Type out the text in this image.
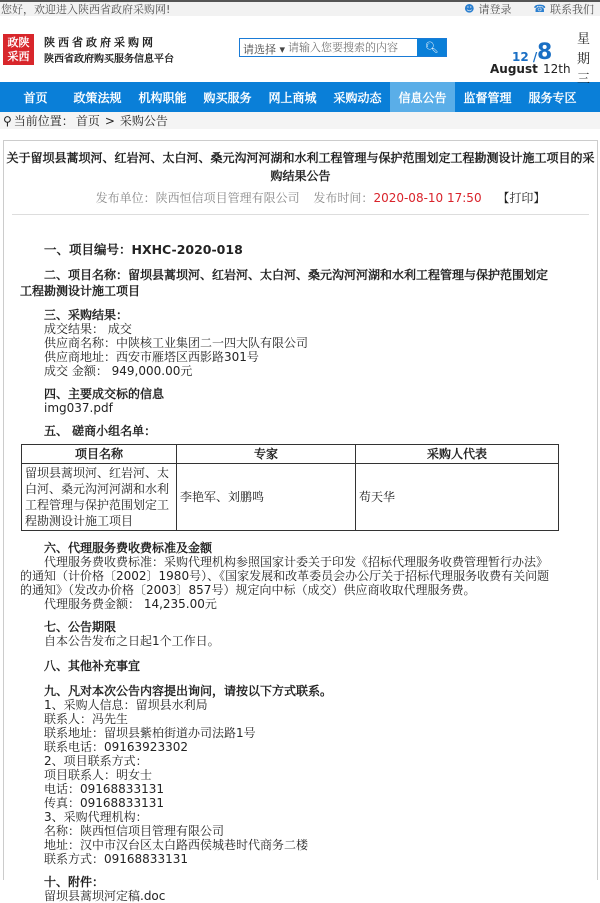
您好，欢迎进入陕西省政府采购网!	☻ 请登录 ☎ 联系我们
政陕
采西
陕西省政府采购网
陕西省政府购买服务信息平台
请选择 ▾
请输入您要搜索的内容	🔍︎
12 / 8
August 12th
星期三
首页	政策法规	机构职能	购买服务	网上商城	采购动态	信息公告	监督管理	服务专区
⚲ 当前位置： 首页 > 采购公告
关于留坝县蒿坝河、红岩河、太白河、桑元沟河河湖和水利工程管理与保护范围划定工程勘测设计施工项目的采购结果公告
发布单位：陕西恒信项目管理有限公司 发布时间：2020-08-10 17:50 【打印】
一、项目编号：HXHC-2020-018
二、项目名称：留坝县蒿坝河、红岩河、太白河、桑元沟河河湖和水利工程管理与保护范围划定工程勘测设计施工项目
三、采购结果：
成交结果： 成交
供应商名称：中陕核工业集团二一四大队有限公司
供应商地址：西安市雁塔区西影路301号
成交 金额： 949,000.00元
四、主要成交标的信息
img037.pdf
五、 磋商小组名单：
项目名称	专家	采购人代表
留坝县蒿坝河、红岩河、太白河、桑元沟河河湖和水利工程管理与保护范围划定工程勘测设计施工项目	李艳军、刘鹏鸣	苟天华
六、代理服务费收费标准及金额
代理服务费收费标准：采购代理机构参照国家计委关于印发《招标代理服务收费管理暂行办法》的通知（计价格〔2002〕1980号）、《国家发展和改革委员会办公厅关于招标代理服务收费有关问题的通知》（发改办价格〔2003〕857号）规定向中标（成交）供应商收取代理服务费。
代理服务费金额： 14,235.00元
七、公告期限
自本公告发布之日起1个工作日。
八、其他补充事宜
九、凡对本次公告内容提出询问，请按以下方式联系。
1、采购人信息：留坝县水利局
联系人：冯先生
联系地址：留坝县紫柏街道办司法路1号
联系电话：09163923302
2、项目联系方式：
项目联系人：明女士
电话：09168833131
传真：09168833131
3、采购代理机构：
名称：陕西恒信项目管理有限公司
地址：汉中市汉台区太白路西侯城巷时代商务二楼
联系方式：09168833131
十、附件：
留坝县蒿坝河定稿.doc
